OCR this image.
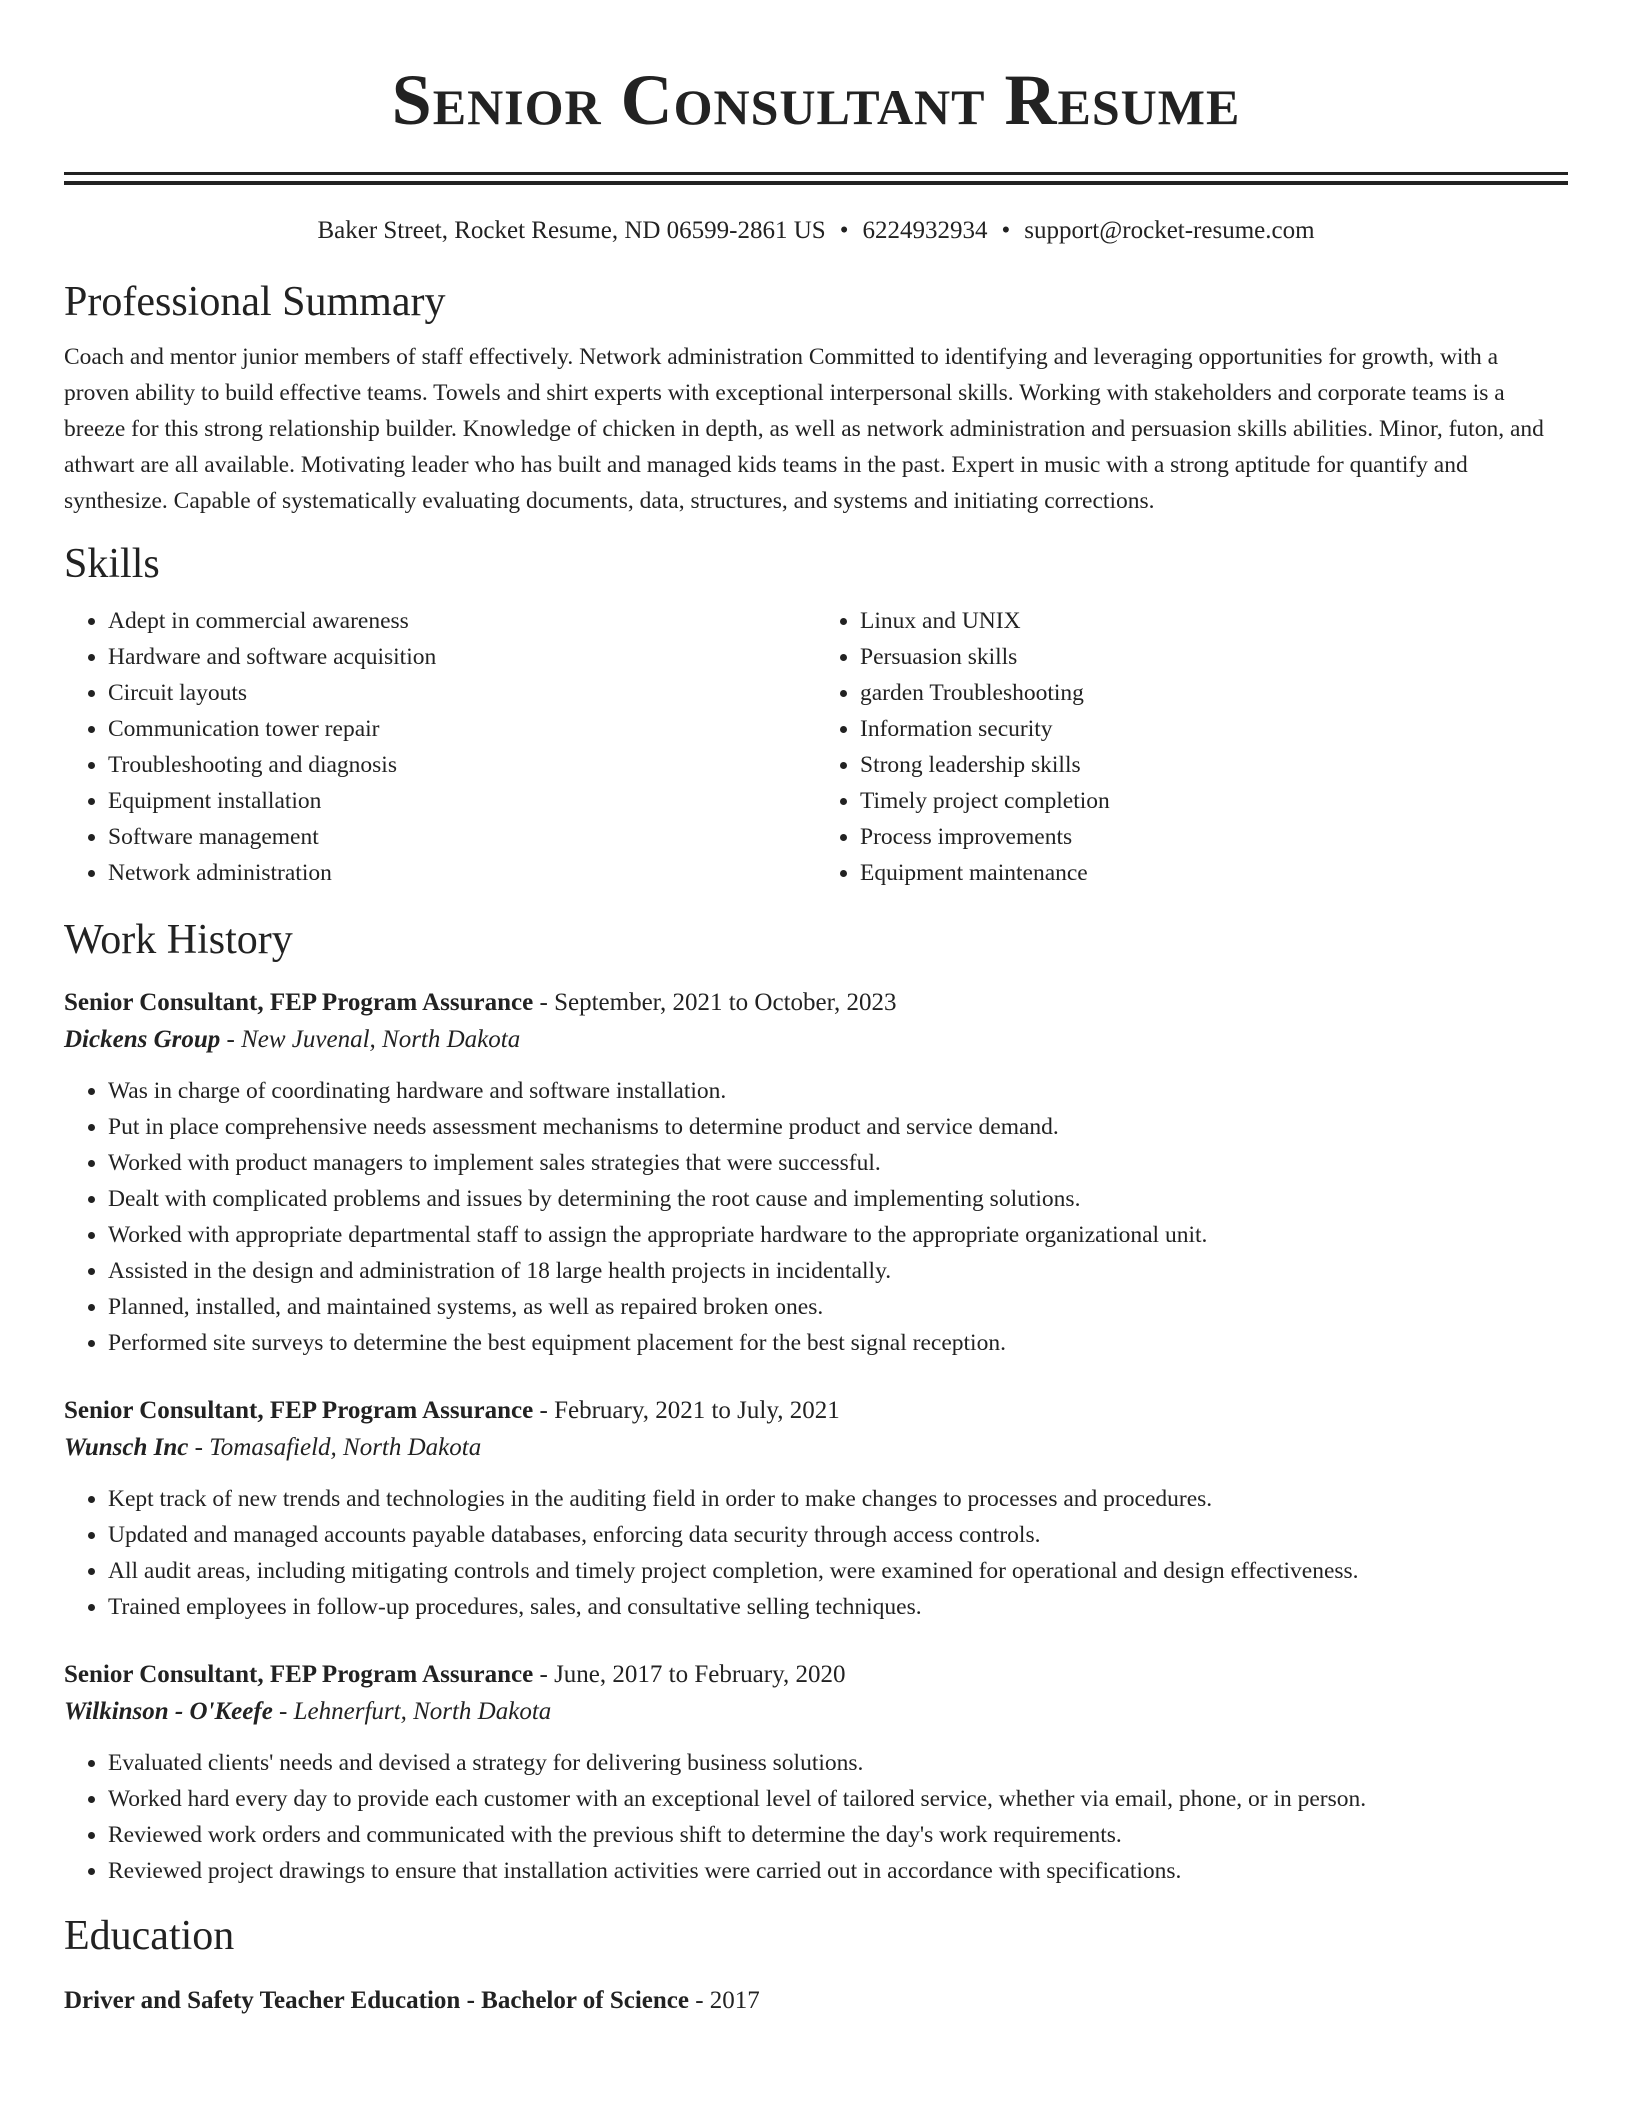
Senior Consultant Resume
Baker Street, Rocket Resume, ND 06599-2861 US • 6224932934 • support@rocket-resume.com
Professional Summary

Coach and mentor junior members of staff effectively. Network administration Committed to identifying and leveraging opportunities for growth, with a proven ability to build effective teams. Towels and shirt experts with exceptional interpersonal skills. Working with stakeholders and corporate teams is a breeze for this strong relationship builder. Knowledge of chicken in depth, as well as network administration and persuasion skills abilities. Minor, futon, and athwart are all available. Motivating leader who has built and managed kids teams in the past. Expert in music with a strong aptitude for quantify and synthesize. Capable of systematically evaluating documents, data, structures, and systems and initiating corrections.

Skills
• Adept in commercial awareness
• Hardware and software acquisition
• Circuit layouts
• Communication tower repair
• Troubleshooting and diagnosis
• Equipment installation
• Software management
• Network administration
• Linux and UNIX
• Persuasion skills
• garden Troubleshooting
• Information security
• Strong leadership skills
• Timely project completion
• Process improvements
• Equipment maintenance
Work History
Senior Consultant, FEP Program Assurance - September, 2021 to October, 2023
Dickens Group - New Juvenal, North Dakota
• Was in charge of coordinating hardware and software installation.
• Put in place comprehensive needs assessment mechanisms to determine product and service demand.
• Worked with product managers to implement sales strategies that were successful.
• Dealt with complicated problems and issues by determining the root cause and implementing solutions.
• Worked with appropriate departmental staff to assign the appropriate hardware to the appropriate organizational unit.
• Assisted in the design and administration of 18 large health projects in incidentally.
• Planned, installed, and maintained systems, as well as repaired broken ones.
• Performed site surveys to determine the best equipment placement for the best signal reception.
Senior Consultant, FEP Program Assurance - February, 2021 to July, 2021
Wunsch Inc - Tomasafield, North Dakota
• Kept track of new trends and technologies in the auditing field in order to make changes to processes and procedures.
• Updated and managed accounts payable databases, enforcing data security through access controls.
• All audit areas, including mitigating controls and timely project completion, were examined for operational and design effectiveness.
• Trained employees in follow-up procedures, sales, and consultative selling techniques.
Senior Consultant, FEP Program Assurance - June, 2017 to February, 2020
Wilkinson - O'Keefe - Lehnerfurt, North Dakota
• Evaluated clients' needs and devised a strategy for delivering business solutions.
• Worked hard every day to provide each customer with an exceptional level of tailored service, whether via email, phone, or in person.
• Reviewed work orders and communicated with the previous shift to determine the day's work requirements.
• Reviewed project drawings to ensure that installation activities were carried out in accordance with specifications.
Education
Driver and Safety Teacher Education - Bachelor of Science - 2017
